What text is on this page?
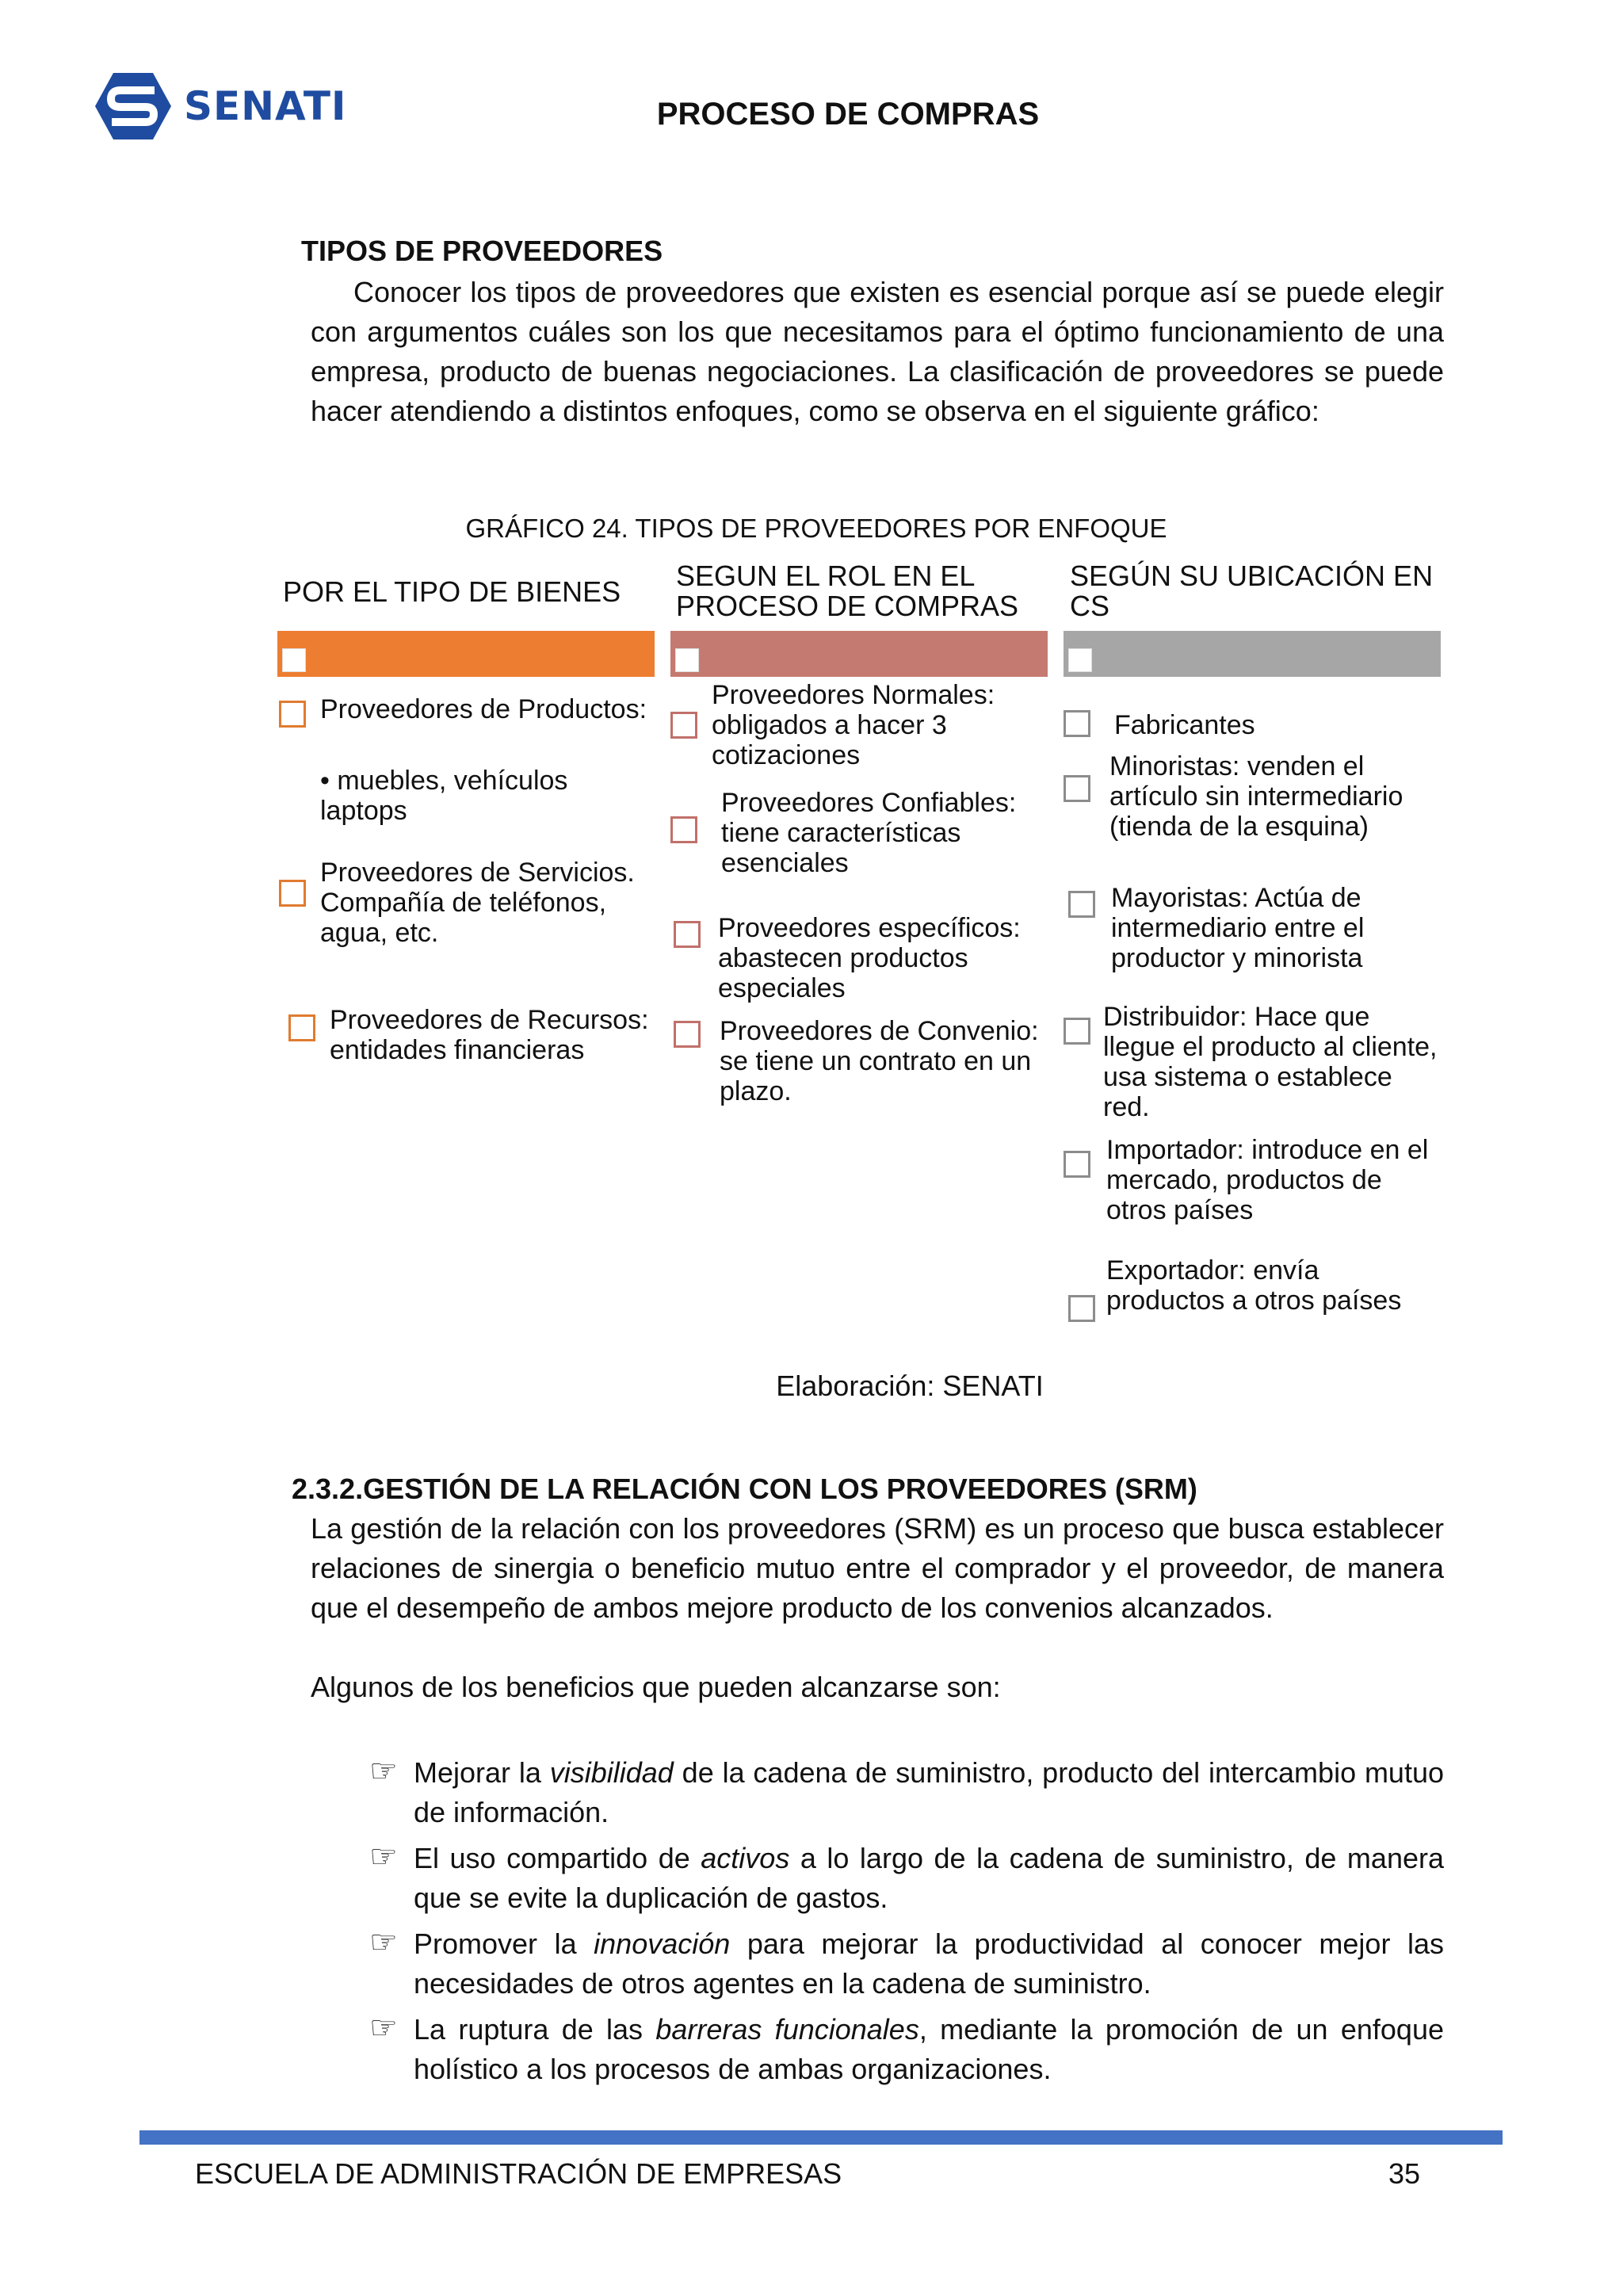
SENATI	PROCESO DE COMPRAS
TIPOS DE PROVEEDORES
Conocer los tipos de proveedores que existen es esencial porque así se puede elegir con argumentos cuáles son los que necesitamos para el óptimo funcionamiento de una empresa, producto de buenas negociaciones. La clasificación de proveedores se puede hacer atendiendo a distintos enfoques, como se observa en el siguiente gráfico:
GRÁFICO 24. TIPOS DE PROVEEDORES POR ENFOQUE
POR EL TIPO DE BIENES	SEGUN EL ROL EN EL PROCESO DE COMPRAS
SEGÚN SU UBICACIÓN EN CS
Proveedores de Productos:
• muebles, vehículos laptops
Proveedores de Servicios. Compañía de teléfonos, agua, etc.
Proveedores de Recursos: entidades financieras
Proveedores Normales: obligados a hacer 3 cotizaciones
Proveedores Confiables: tiene características esenciales
Proveedores específicos: abastecen productos especiales
Proveedores de Convenio: se tiene un contrato en un plazo.
Fabricantes
Minoristas: venden el artículo sin intermediario (tienda de la esquina)
Mayoristas: Actúa de intermediario entre el productor y minorista
Distribuidor: Hace que llegue el producto al cliente, usa sistema o establece red.
Importador: introduce en el mercado, productos de otros países
Exportador: envía productos a otros países
Elaboración: SENATI
2.3.2.GESTIÓN DE LA RELACIÓN CON LOS PROVEEDORES (SRM)
La gestión de la relación con los proveedores (SRM) es un proceso que busca establecer relaciones de sinergia o beneficio mutuo entre el comprador y el proveedor, de manera que el desempeño de ambos mejore producto de los convenios alcanzados.
Algunos de los beneficios que pueden alcanzarse son:
☞ Mejorar la visibilidad de la cadena de suministro, producto del intercambio mutuo de información.
☞ El uso compartido de activos a lo largo de la cadena de suministro, de manera que se evite la duplicación de gastos.
☞ Promover la innovación para mejorar la productividad al conocer mejor las necesidades de otros agentes en la cadena de suministro.
☞ La ruptura de las barreras funcionales, mediante la promoción de un enfoque holístico a los procesos de ambas organizaciones.
ESCUELA DE ADMINISTRACIÓN DE EMPRESAS	35
